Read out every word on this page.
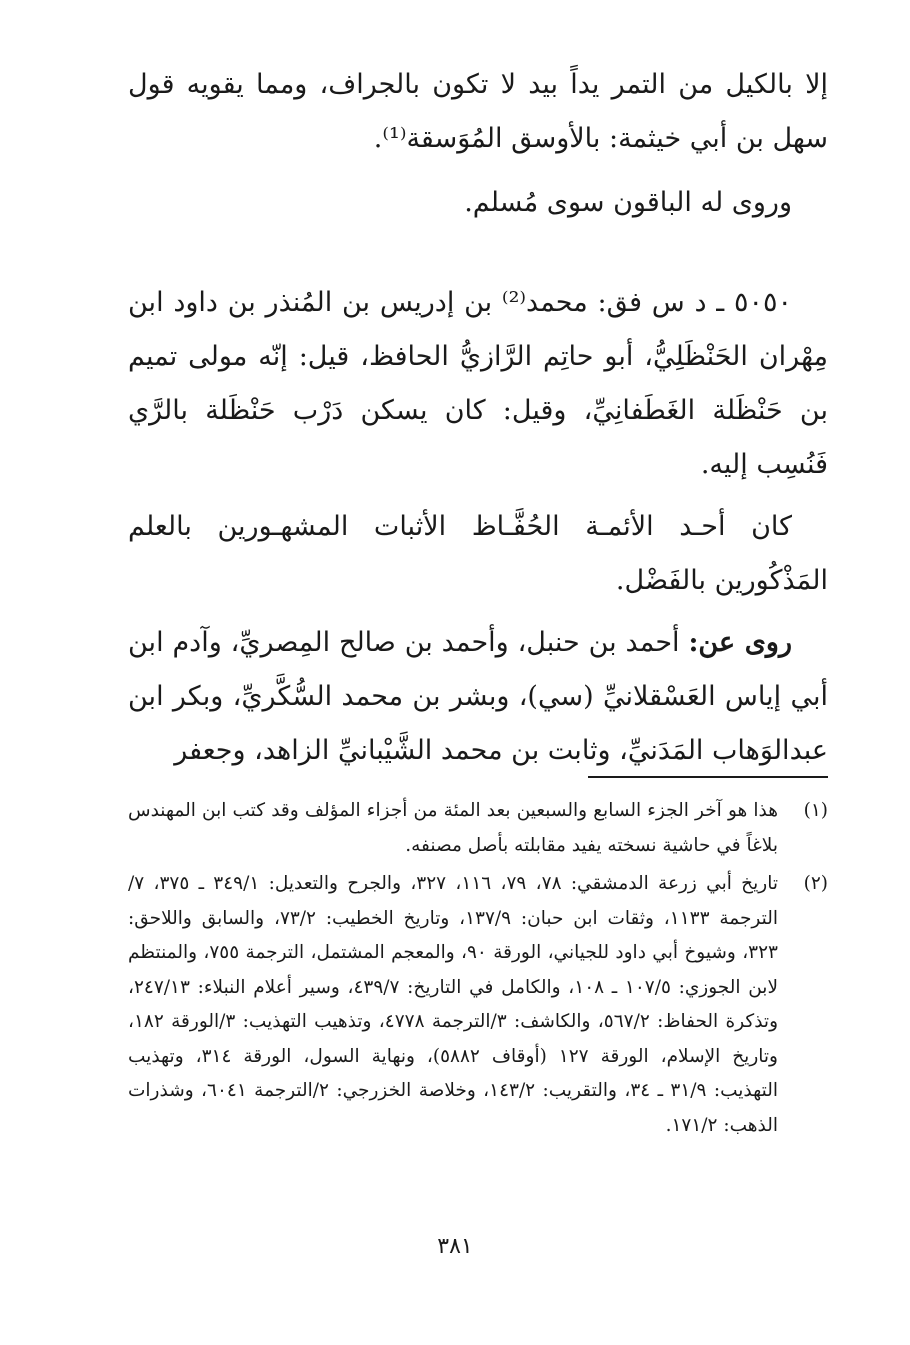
إلا بالكيل من التمر يداً بيد لا تكون بالجراف، ومما يقويه قول سهل بن أبي خيثمة: بالأوسق المُوَسقة⁽¹⁾.

وروى له الباقون سوى مُسلم.

٥٠٥٠ ـ د س فق: محمد⁽²⁾ بن إدريس بن المُنذر بن داود ابن مِهْران الحَنْظَلِيُّ، أبو حاتِم الرَّازيُّ الحافظ، قيل: إنّه مولى تميم بن حَنْظَلة الغَطَفانِيِّ، وقيل: كان يسكن دَرْب حَنْظَلة بالرَّي فَنُسِب إليه.

كان أحـد الأئمـة الحُفَّـاظ الأثبات المشهـورين بالعلم المَذْكُورين بالفَضْل.

روى عن: أحمد بن حنبل، وأحمد بن صالح المِصريِّ، وآدم ابن أبي إياس العَسْقلانيِّ (سي)، وبشر بن محمد السُّكَّريِّ، وبكر ابن عبدالوَهاب المَدَنيِّ، وثابت بن محمد الشَّيْبانيِّ الزاهد، وجعفر

(١)
هذا هو آخر الجزء السابع والسبعين بعد المئة من أجزاء المؤلف وقد كتب ابن المهندس بلاغاً في حاشية نسخته يفيد مقابلته بأصل مصنفه.

(٢)
تاريخ أبي زرعة الدمشقي: ٧٨، ٧٩، ١١٦، ٣٢٧، والجرح والتعديل: ٣٤٩/١ ـ ٣٧٥، ٧/الترجمة ١١٣٣، وثقات ابن حبان: ١٣٧/٩، وتاريخ الخطيب: ٧٣/٢، والسابق واللاحق: ٣٢٣، وشيوخ أبي داود للجياني، الورقة ٩٠، والمعجم المشتمل، الترجمة ٧٥٥، والمنتظم لابن الجوزي: ١٠٧/٥ ـ ١٠٨، والكامل في التاريخ: ٤٣٩/٧، وسير أعلام النبلاء: ٢٤٧/١٣، وتذكرة الحفاظ: ٥٦٧/٢، والكاشف: ٣/الترجمة ٤٧٧٨، وتذهيب التهذيب: ٣/الورقة ١٨٢، وتاريخ الإسلام، الورقة ١٢٧ (أوقاف ٥٨٨٢)، ونهاية السول، الورقة ٣١٤، وتهذيب التهذيب: ٣١/٩ ـ ٣٤، والتقريب: ١٤٣/٢، وخلاصة الخزرجي: ٢/الترجمة ٦٠٤١، وشذرات الذهب: ١٧١/٢.

٣٨١
